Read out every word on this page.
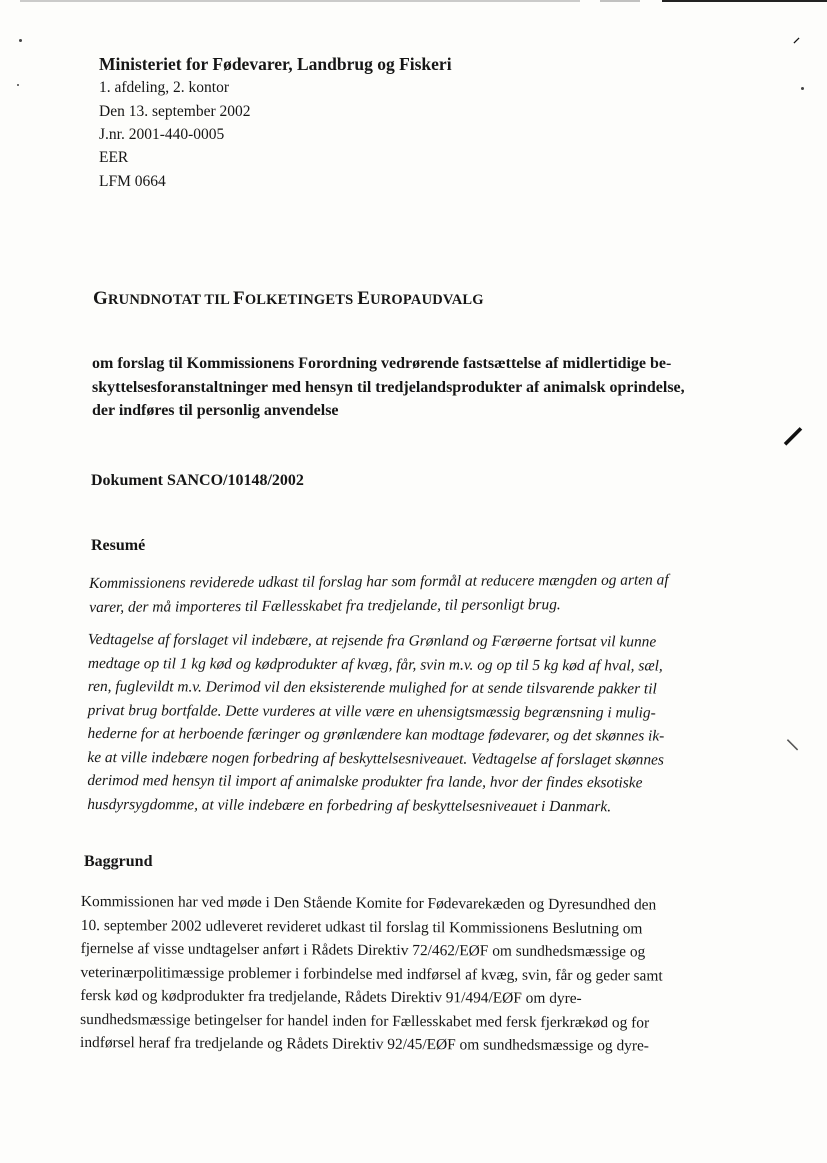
⸝
⸝
⸜
Ministeriet for Fødevarer, Landbrug og Fiskeri
1. afdeling, 2. kontor
Den 13. september 2002
J.nr. 2001-440-0005
EER
LFM 0664
GRUNDNOTAT TIL FOLKETINGETS EUROPAUDVALG
om forslag til Kommissionens Forordning vedrørende fastsættelse af midlertidige be-
skyttelsesforanstaltninger med hensyn til tredjelandsprodukter af animalsk oprindelse,
der indføres til personlig anvendelse
Dokument SANCO/10148/2002
Resumé
Kommissionens reviderede udkast til forslag har som formål at reducere mængden og arten af
varer, der må importeres til Fællesskabet fra tredjelande, til personligt brug.
Vedtagelse af forslaget vil indebære, at rejsende fra Grønland og Færøerne fortsat vil kunne
medtage op til 1 kg kød og kødprodukter af kvæg, får, svin m.v. og op til 5 kg kød af hval, sæl,
ren, fuglevildt m.v. Derimod vil den eksisterende mulighed for at sende tilsvarende pakker til
privat brug bortfalde. Dette vurderes at ville være en uhensigtsmæssig begrænsning i mulig-
hederne for at herboende færinger og grønlændere kan modtage fødevarer, og det skønnes ik-
ke at ville indebære nogen forbedring af beskyttelsesniveauet. Vedtagelse af forslaget skønnes
derimod med hensyn til import af animalske produkter fra lande, hvor der findes eksotiske
husdyrsygdomme, at ville indebære en forbedring af beskyttelsesniveauet i Danmark.
Baggrund
Kommissionen har ved møde i Den Stående Komite for Fødevarekæden og Dyresundhed den
10. september 2002 udleveret revideret udkast til forslag til Kommissionens Beslutning om
fjernelse af visse undtagelser anført i Rådets Direktiv 72/462/EØF om sundhedsmæssige og
veterinærpolitimæssige problemer i forbindelse med indførsel af kvæg, svin, får og geder samt
fersk kød og kødprodukter fra tredjelande, Rådets Direktiv 91/494/EØF om dyre-
sundhedsmæssige betingelser for handel inden for Fællesskabet med fersk fjerkrækød og for
indførsel heraf fra tredjelande og Rådets Direktiv 92/45/EØF om sundhedsmæssige og dyre-
